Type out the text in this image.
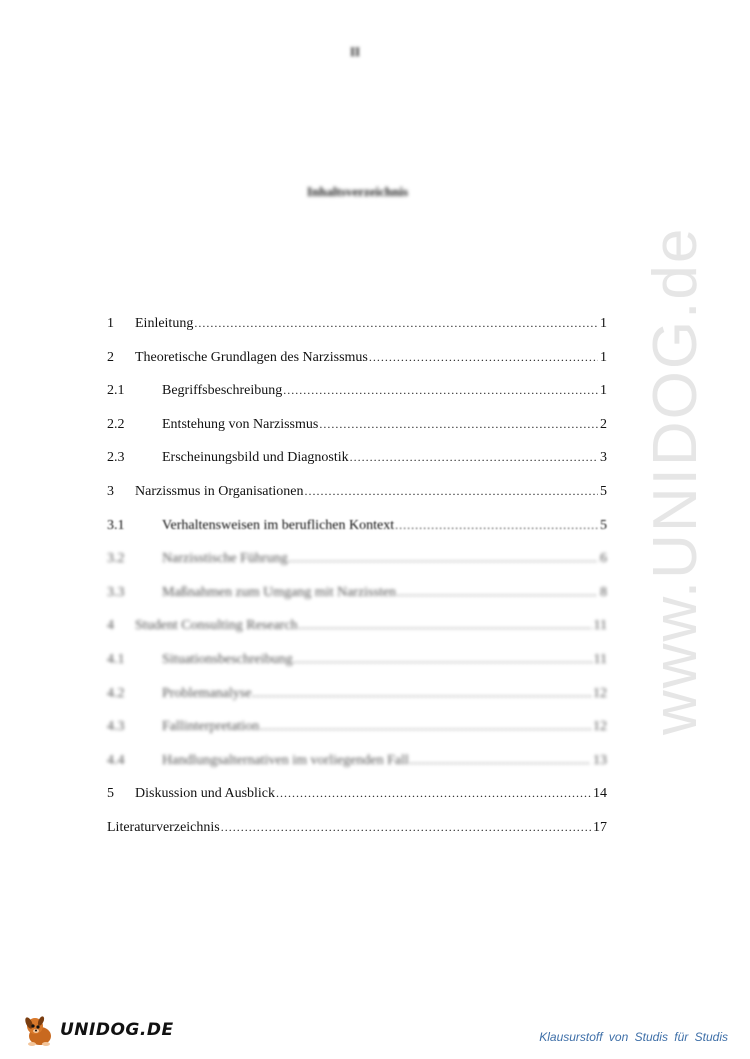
II
Inhaltsverzeichnis
1	Einleitung .....	1
2	Theoretische Grundlagen des Narzissmus .....	1
2.1	Begriffsbeschreibung .....	1
2.2	Entstehung von Narzissmus .....	2
2.3	Erscheinungsbild und Diagnostik .....	3
3	Narzissmus in Organisationen .....	5
3.1	Verhaltensweisen im beruflichen Kontext .....	5
3.2	Narzisstische Führung .....	6
3.3	Maßnahmen zum Umgang mit Narzissten .....	8
4	Student Consulting Research .....	11
4.1	Situationsbeschreibung .....	11
4.2	Problemanalyse .....	12
4.3	Fallinterpretation .....	12
4.4	Handlungsalternativen im vorliegenden Fall .....	13
5	Diskussion und Ausblick .....	14
Literaturverzeichnis .....	17
www.UNIDOG.de
UNIDOG.DE	Klausurstoff von Studis für Studis
